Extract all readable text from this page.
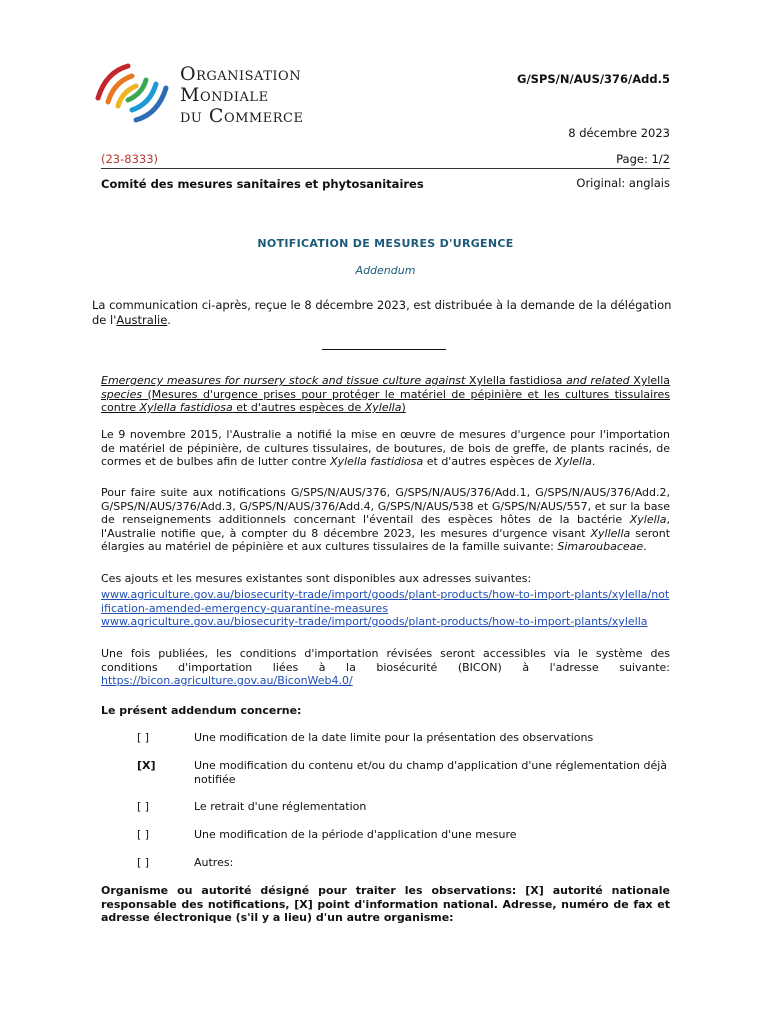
Organisation
Mondiale
du Commerce
G/SPS/N/AUS/376/Add.5
8 décembre 2023
(23-8333)	Page: 1/2
Comité des mesures sanitaires et phytosanitaires	Original: anglais
NOTIFICATION DE MESURES D'URGENCE
Addendum
La communication ci-après, reçue le 8 décembre 2023, est distribuée à la demande de la délégation de l'Australie.
Emergency measures for nursery stock and tissue culture against Xylella fastidiosa and related Xylella species (Mesures d'urgence prises pour protéger le matériel de pépinière et les cultures tissulaires contre Xylella fastidiosa et d'autres espèces de Xylella)
Le 9 novembre 2015, l'Australie a notifié la mise en œuvre de mesures d'urgence pour l'importation de matériel de pépinière, de cultures tissulaires, de boutures, de bois de greffe, de plants racinés, de cormes et de bulbes afin de lutter contre Xylella fastidiosa et d'autres espèces de Xylella.
Pour faire suite aux notifications G/SPS/N/AUS/376, G/SPS/N/AUS/376/Add.1, G/SPS/N/AUS/376/Add.2, G/SPS/N/AUS/376/Add.3, G/SPS/N/AUS/376/Add.4, G/SPS/N/AUS/538 et G/SPS/N/AUS/557, et sur la base de renseignements additionnels concernant l'éventail des espèces hôtes de la bactérie Xylella, l'Australie notifie que, à compter du 8 décembre 2023, les mesures d'urgence visant Xyllella seront élargies au matériel de pépinière et aux cultures tissulaires de la famille suivante: Simaroubaceae.
Ces ajouts et les mesures existantes sont disponibles aux adresses suivantes:
www.agriculture.gov.au/biosecurity-trade/import/goods/plant-products/how-to-import-plants/xylella/notification-amended-emergency-quarantine-measures
www.agriculture.gov.au/biosecurity-trade/import/goods/plant-products/how-to-import-plants/xylella
Une fois publiées, les conditions d'importation révisées seront accessibles via le système des conditions d'importation liées à la biosécurité (BICON) à l'adresse suivante: https://bicon.agriculture.gov.au/BiconWeb4.0/
Le présent addendum concerne:
[ ]	Une modification de la date limite pour la présentation des observations
[X]	Une modification du contenu et/ou du champ d'application d'une réglementation déjà notifiée
[ ]	Le retrait d'une réglementation
[ ]	Une modification de la période d'application d'une mesure
[ ]	Autres:
Organisme ou autorité désigné pour traiter les observations: [X] autorité nationale responsable des notifications, [X] point d'information national. Adresse, numéro de fax et adresse électronique (s'il y a lieu) d'un autre organisme:
